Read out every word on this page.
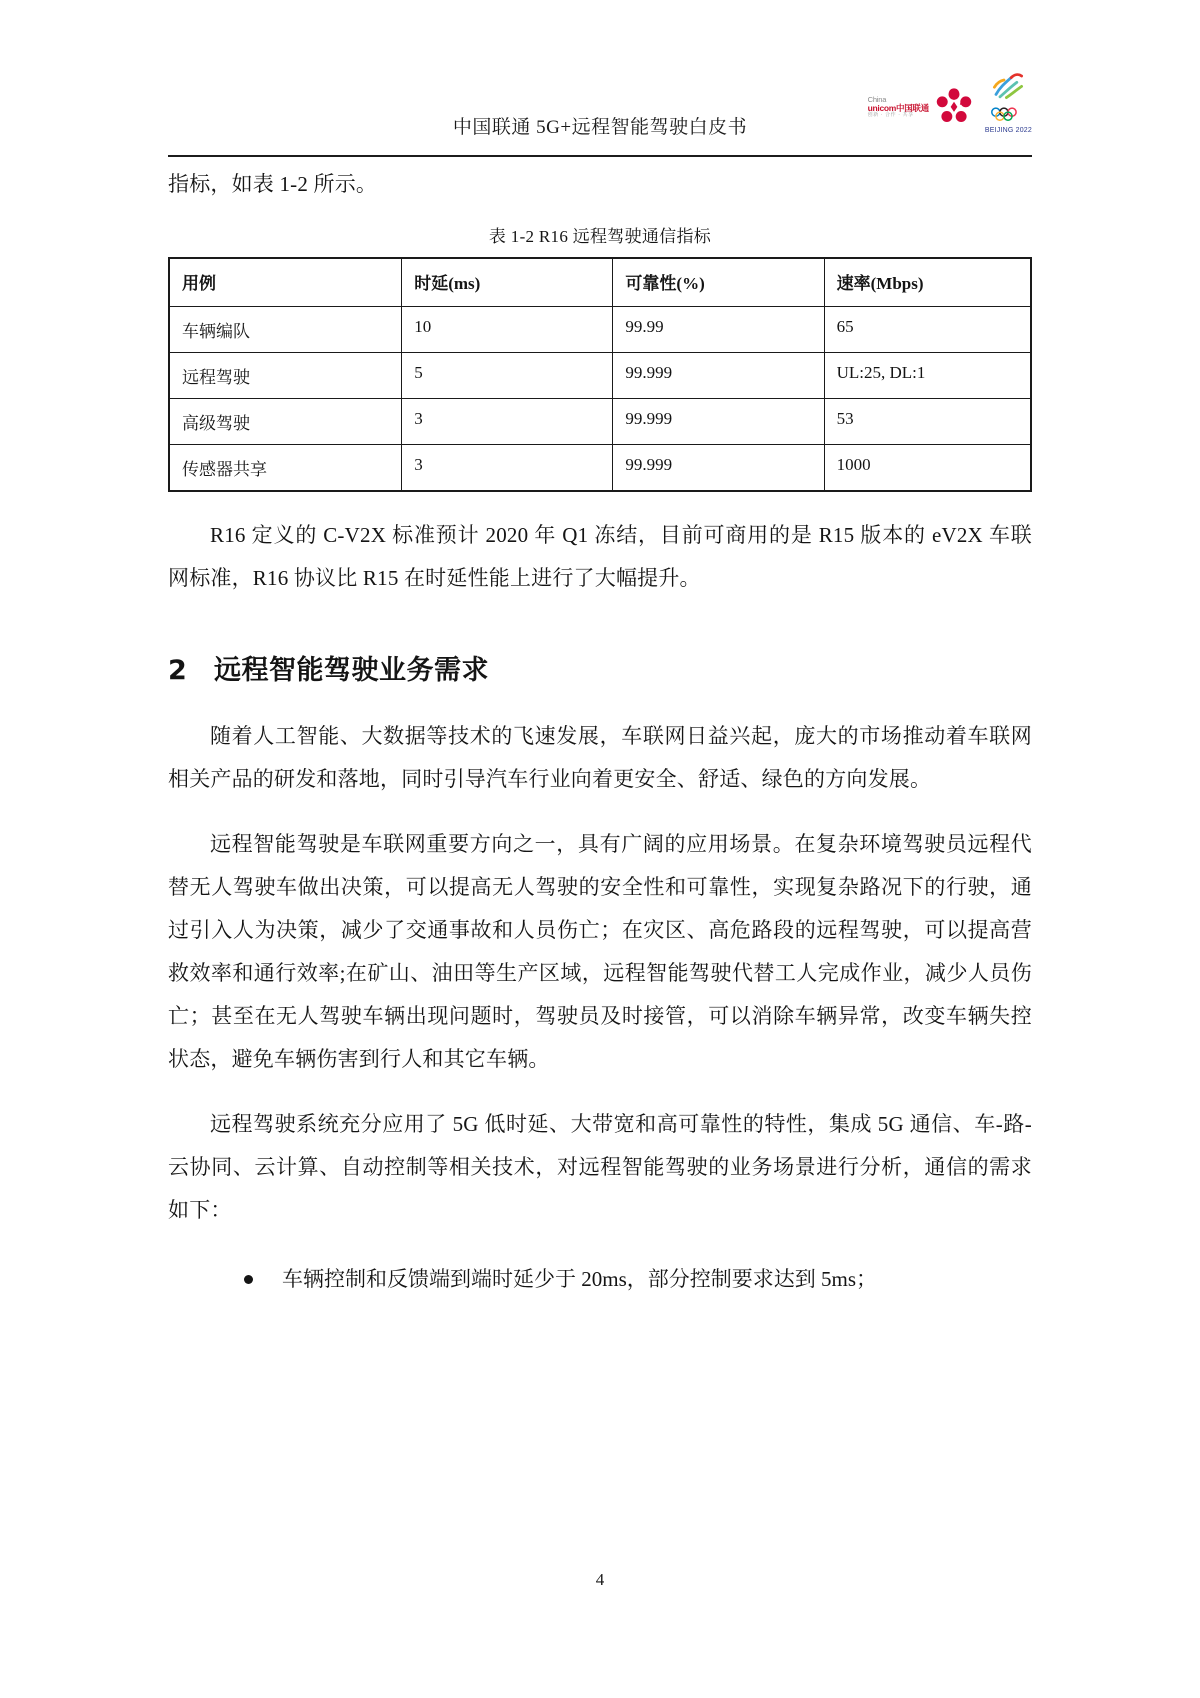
China
unicom中国联通
创新 · 合作 · 共享
BEIJING 2022
中国联通 5G+远程智能驾驶白皮书

指标，如表 1-2 所示。

表 1-2 R16 远程驾驶通信指标
用例	时延(ms)	可靠性(%)	速率(Mbps)
车辆编队	10	99.99	65
远程驾驶	5	99.999	UL:25, DL:1
高级驾驶	3	99.999	53
传感器共享	3	99.999	1000

R16 定义的 C-V2X 标准预计 2020 年 Q1 冻结，目前可商用的是 R15 版本的 eV2X 车联网标准，R16 协议比 R15 在时延性能上进行了大幅提升。

2 远程智能驾驶业务需求

随着人工智能、大数据等技术的飞速发展，车联网日益兴起，庞大的市场推动着车联网相关产品的研发和落地，同时引导汽车行业向着更安全、舒适、绿色的方向发展。

远程智能驾驶是车联网重要方向之一，具有广阔的应用场景。在复杂环境驾驶员远程代替无人驾驶车做出决策，可以提高无人驾驶的安全性和可靠性，实现复杂路况下的行驶，通过引入人为决策，减少了交通事故和人员伤亡；在灾区、高危路段的远程驾驶，可以提高营救效率和通行效率;在矿山、油田等生产区域，远程智能驾驶代替工人完成作业，减少人员伤亡；甚至在无人驾驶车辆出现问题时，驾驶员及时接管，可以消除车辆异常，改变车辆失控状态，避免车辆伤害到行人和其它车辆。

远程驾驶系统充分应用了 5G 低时延、大带宽和高可靠性的特性，集成 5G 通信、车-路-云协同、云计算、自动控制等相关技术，对远程智能驾驶的业务场景进行分析，通信的需求如下：

车辆控制和反馈端到端时延少于 20ms，部分控制要求达到 5ms；
4
